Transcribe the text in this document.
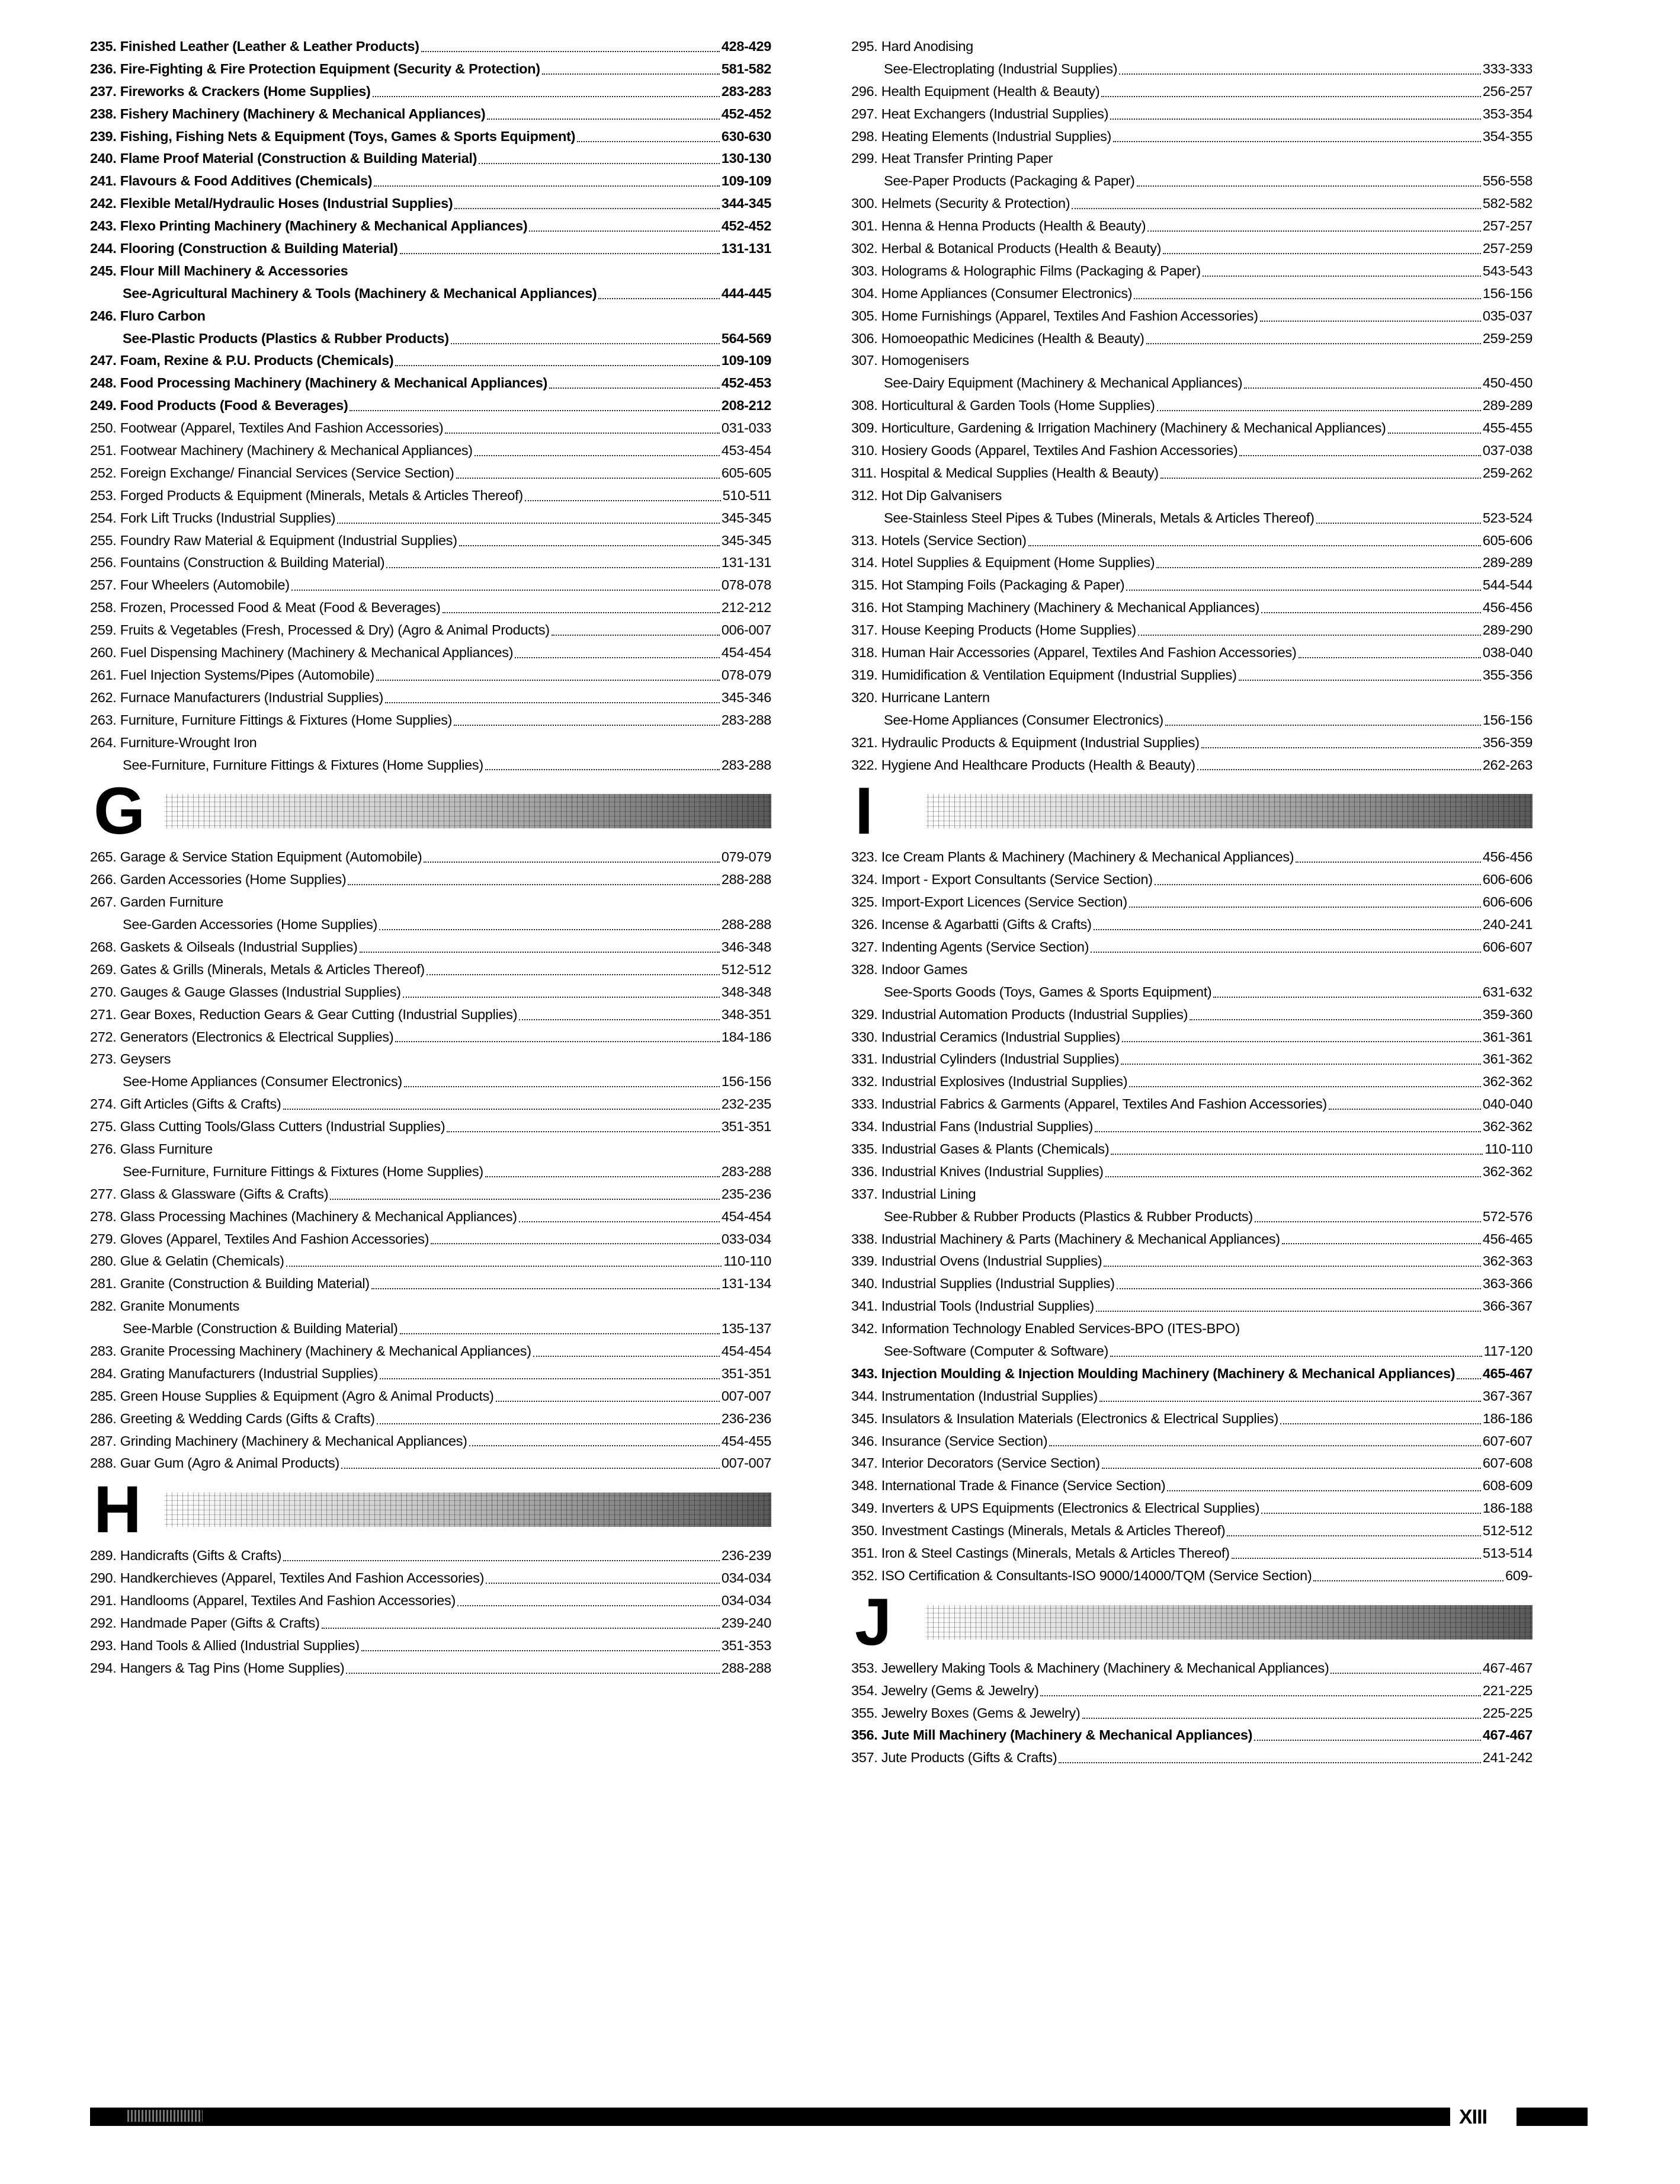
235. Finished Leather (Leather & Leather Products)	428-429
236. Fire-Fighting & Fire Protection Equipment (Security & Protection)	581-582
237. Fireworks & Crackers (Home Supplies)	283-283
238. Fishery Machinery (Machinery & Mechanical Appliances)	452-452
239. Fishing, Fishing Nets & Equipment (Toys, Games & Sports Equipment)	630-630
240. Flame Proof Material (Construction & Building Material)	130-130
241. Flavours & Food Additives (Chemicals)	109-109
242. Flexible Metal/Hydraulic Hoses (Industrial Supplies)	344-345
243. Flexo Printing Machinery (Machinery & Mechanical Appliances)	452-452
244. Flooring (Construction & Building Material)	131-131
245. Flour Mill Machinery & Accessories
See-Agricultural Machinery & Tools (Machinery & Mechanical Appliances)	444-445
246. Fluro Carbon
See-Plastic Products (Plastics & Rubber Products)	564-569
247. Foam, Rexine & P.U. Products (Chemicals)	109-109
248. Food Processing Machinery (Machinery & Mechanical Appliances)	452-453
249. Food Products (Food & Beverages)	208-212
250. Footwear (Apparel, Textiles And Fashion Accessories)	031-033
251. Footwear Machinery (Machinery & Mechanical Appliances)	453-454
252. Foreign Exchange/ Financial Services (Service Section)	605-605
253. Forged Products & Equipment (Minerals, Metals & Articles Thereof)	510-511
254. Fork Lift Trucks (Industrial Supplies)	345-345
255. Foundry Raw Material & Equipment (Industrial Supplies)	345-345
256. Fountains (Construction & Building Material)	131-131
257. Four Wheelers (Automobile)	078-078
258. Frozen, Processed Food & Meat (Food & Beverages)	212-212
259. Fruits & Vegetables (Fresh, Processed & Dry) (Agro & Animal Products)	006-007
260. Fuel Dispensing Machinery (Machinery & Mechanical Appliances)	454-454
261. Fuel Injection Systems/Pipes (Automobile)	078-079
262. Furnace Manufacturers (Industrial Supplies)	345-346
263. Furniture, Furniture Fittings & Fixtures (Home Supplies)	283-288
264. Furniture-Wrought Iron
See-Furniture, Furniture Fittings & Fixtures (Home Supplies)	283-288
G
265. Garage & Service Station Equipment (Automobile)	079-079
266. Garden Accessories (Home Supplies)	288-288
267. Garden Furniture
See-Garden Accessories (Home Supplies)	288-288
268. Gaskets & Oilseals (Industrial Supplies)	346-348
269. Gates & Grills (Minerals, Metals & Articles Thereof)	512-512
270. Gauges & Gauge Glasses (Industrial Supplies)	348-348
271. Gear Boxes, Reduction Gears & Gear Cutting (Industrial Supplies)	348-351
272. Generators (Electronics & Electrical Supplies)	184-186
273. Geysers
See-Home Appliances (Consumer Electronics)	156-156
274. Gift Articles (Gifts & Crafts)	232-235
275. Glass Cutting Tools/Glass Cutters (Industrial Supplies)	351-351
276. Glass Furniture
See-Furniture, Furniture Fittings & Fixtures (Home Supplies)	283-288
277. Glass & Glassware (Gifts & Crafts)	235-236
278. Glass Processing Machines (Machinery & Mechanical Appliances)	454-454
279. Gloves (Apparel, Textiles And Fashion Accessories)	033-034
280. Glue & Gelatin (Chemicals)	110-110
281. Granite (Construction & Building Material)	131-134
282. Granite Monuments
See-Marble (Construction & Building Material)	135-137
283. Granite Processing Machinery (Machinery & Mechanical Appliances)	454-454
284. Grating Manufacturers (Industrial Supplies)	351-351
285. Green House Supplies & Equipment (Agro & Animal Products)	007-007
286. Greeting & Wedding Cards (Gifts & Crafts)	236-236
287. Grinding Machinery (Machinery & Mechanical Appliances)	454-455
288. Guar Gum (Agro & Animal Products)	007-007
H
289. Handicrafts (Gifts & Crafts)	236-239
290. Handkerchieves (Apparel, Textiles And Fashion Accessories)	034-034
291. Handlooms (Apparel, Textiles And Fashion Accessories)	034-034
292. Handmade Paper (Gifts & Crafts)	239-240
293. Hand Tools & Allied (Industrial Supplies)	351-353
294. Hangers & Tag Pins (Home Supplies)	288-288
295. Hard Anodising
See-Electroplating (Industrial Supplies)	333-333
296. Health Equipment (Health & Beauty)	256-257
297. Heat Exchangers (Industrial Supplies)	353-354
298. Heating Elements (Industrial Supplies)	354-355
299. Heat Transfer Printing Paper
See-Paper Products (Packaging & Paper)	556-558
300. Helmets (Security & Protection)	582-582
301. Henna & Henna Products (Health & Beauty)	257-257
302. Herbal & Botanical Products (Health & Beauty)	257-259
303. Holograms & Holographic Films (Packaging & Paper)	543-543
304. Home Appliances (Consumer Electronics)	156-156
305. Home Furnishings (Apparel, Textiles And Fashion Accessories)	035-037
306. Homoeopathic Medicines (Health & Beauty)	259-259
307. Homogenisers
See-Dairy Equipment (Machinery & Mechanical Appliances)	450-450
308. Horticultural & Garden Tools (Home Supplies)	289-289
309. Horticulture, Gardening & Irrigation Machinery (Machinery & Mechanical Appliances)	455-455
310. Hosiery Goods (Apparel, Textiles And Fashion Accessories)	037-038
311. Hospital & Medical Supplies (Health & Beauty)	259-262
312. Hot Dip Galvanisers
See-Stainless Steel Pipes & Tubes (Minerals, Metals & Articles Thereof)	523-524
313. Hotels (Service Section)	605-606
314. Hotel Supplies & Equipment (Home Supplies)	289-289
315. Hot Stamping Foils (Packaging & Paper)	544-544
316. Hot Stamping Machinery (Machinery & Mechanical Appliances)	456-456
317. House Keeping Products (Home Supplies)	289-290
318. Human Hair Accessories (Apparel, Textiles And Fashion Accessories)	038-040
319. Humidification & Ventilation Equipment (Industrial Supplies)	355-356
320. Hurricane Lantern
See-Home Appliances (Consumer Electronics)	156-156
321. Hydraulic Products & Equipment (Industrial Supplies)	356-359
322. Hygiene And Healthcare Products (Health & Beauty)	262-263
I
323. Ice Cream Plants & Machinery (Machinery & Mechanical Appliances)	456-456
324. Import - Export Consultants (Service Section)	606-606
325. Import-Export Licences (Service Section)	606-606
326. Incense & Agarbatti (Gifts & Crafts)	240-241
327. Indenting Agents (Service Section)	606-607
328. Indoor Games
See-Sports Goods (Toys, Games & Sports Equipment)	631-632
329. Industrial Automation Products (Industrial Supplies)	359-360
330. Industrial Ceramics (Industrial Supplies)	361-361
331. Industrial Cylinders (Industrial Supplies)	361-362
332. Industrial Explosives (Industrial Supplies)	362-362
333. Industrial Fabrics & Garments (Apparel, Textiles And Fashion Accessories)	040-040
334. Industrial Fans (Industrial Supplies)	362-362
335. Industrial Gases & Plants (Chemicals)	110-110
336. Industrial Knives (Industrial Supplies)	362-362
337. Industrial Lining
See-Rubber & Rubber Products (Plastics & Rubber Products)	572-576
338. Industrial Machinery & Parts (Machinery & Mechanical Appliances)	456-465
339. Industrial Ovens (Industrial Supplies)	362-363
340. Industrial Supplies (Industrial Supplies)	363-366
341. Industrial Tools (Industrial Supplies)	366-367
342. Information Technology Enabled Services-BPO (ITES-BPO)
See-Software (Computer & Software)	117-120
343. Injection Moulding & Injection Moulding Machinery (Machinery & Mechanical Appliances) 465-467
344. Instrumentation (Industrial Supplies)	367-367
345. Insulators & Insulation Materials (Electronics & Electrical Supplies)	186-186
346. Insurance (Service Section)	607-607
347. Interior Decorators (Service Section)	607-608
348. International Trade & Finance (Service Section)	608-609
349. Inverters & UPS Equipments (Electronics & Electrical Supplies)	186-188
350. Investment Castings (Minerals, Metals & Articles Thereof)	512-512
351. Iron & Steel Castings (Minerals, Metals & Articles Thereof)	513-514
352. ISO Certification & Consultants-ISO 9000/14000/TQM (Service Section)	609-
J
353. Jewellery Making Tools & Machinery (Machinery & Mechanical Appliances)	467-467
354. Jewelry (Gems & Jewelry)	221-225
355. Jewelry Boxes (Gems & Jewelry)	225-225
356. Jute Mill Machinery (Machinery & Mechanical Appliances)	467-467
357. Jute Products (Gifts & Crafts)	241-242
XIII
